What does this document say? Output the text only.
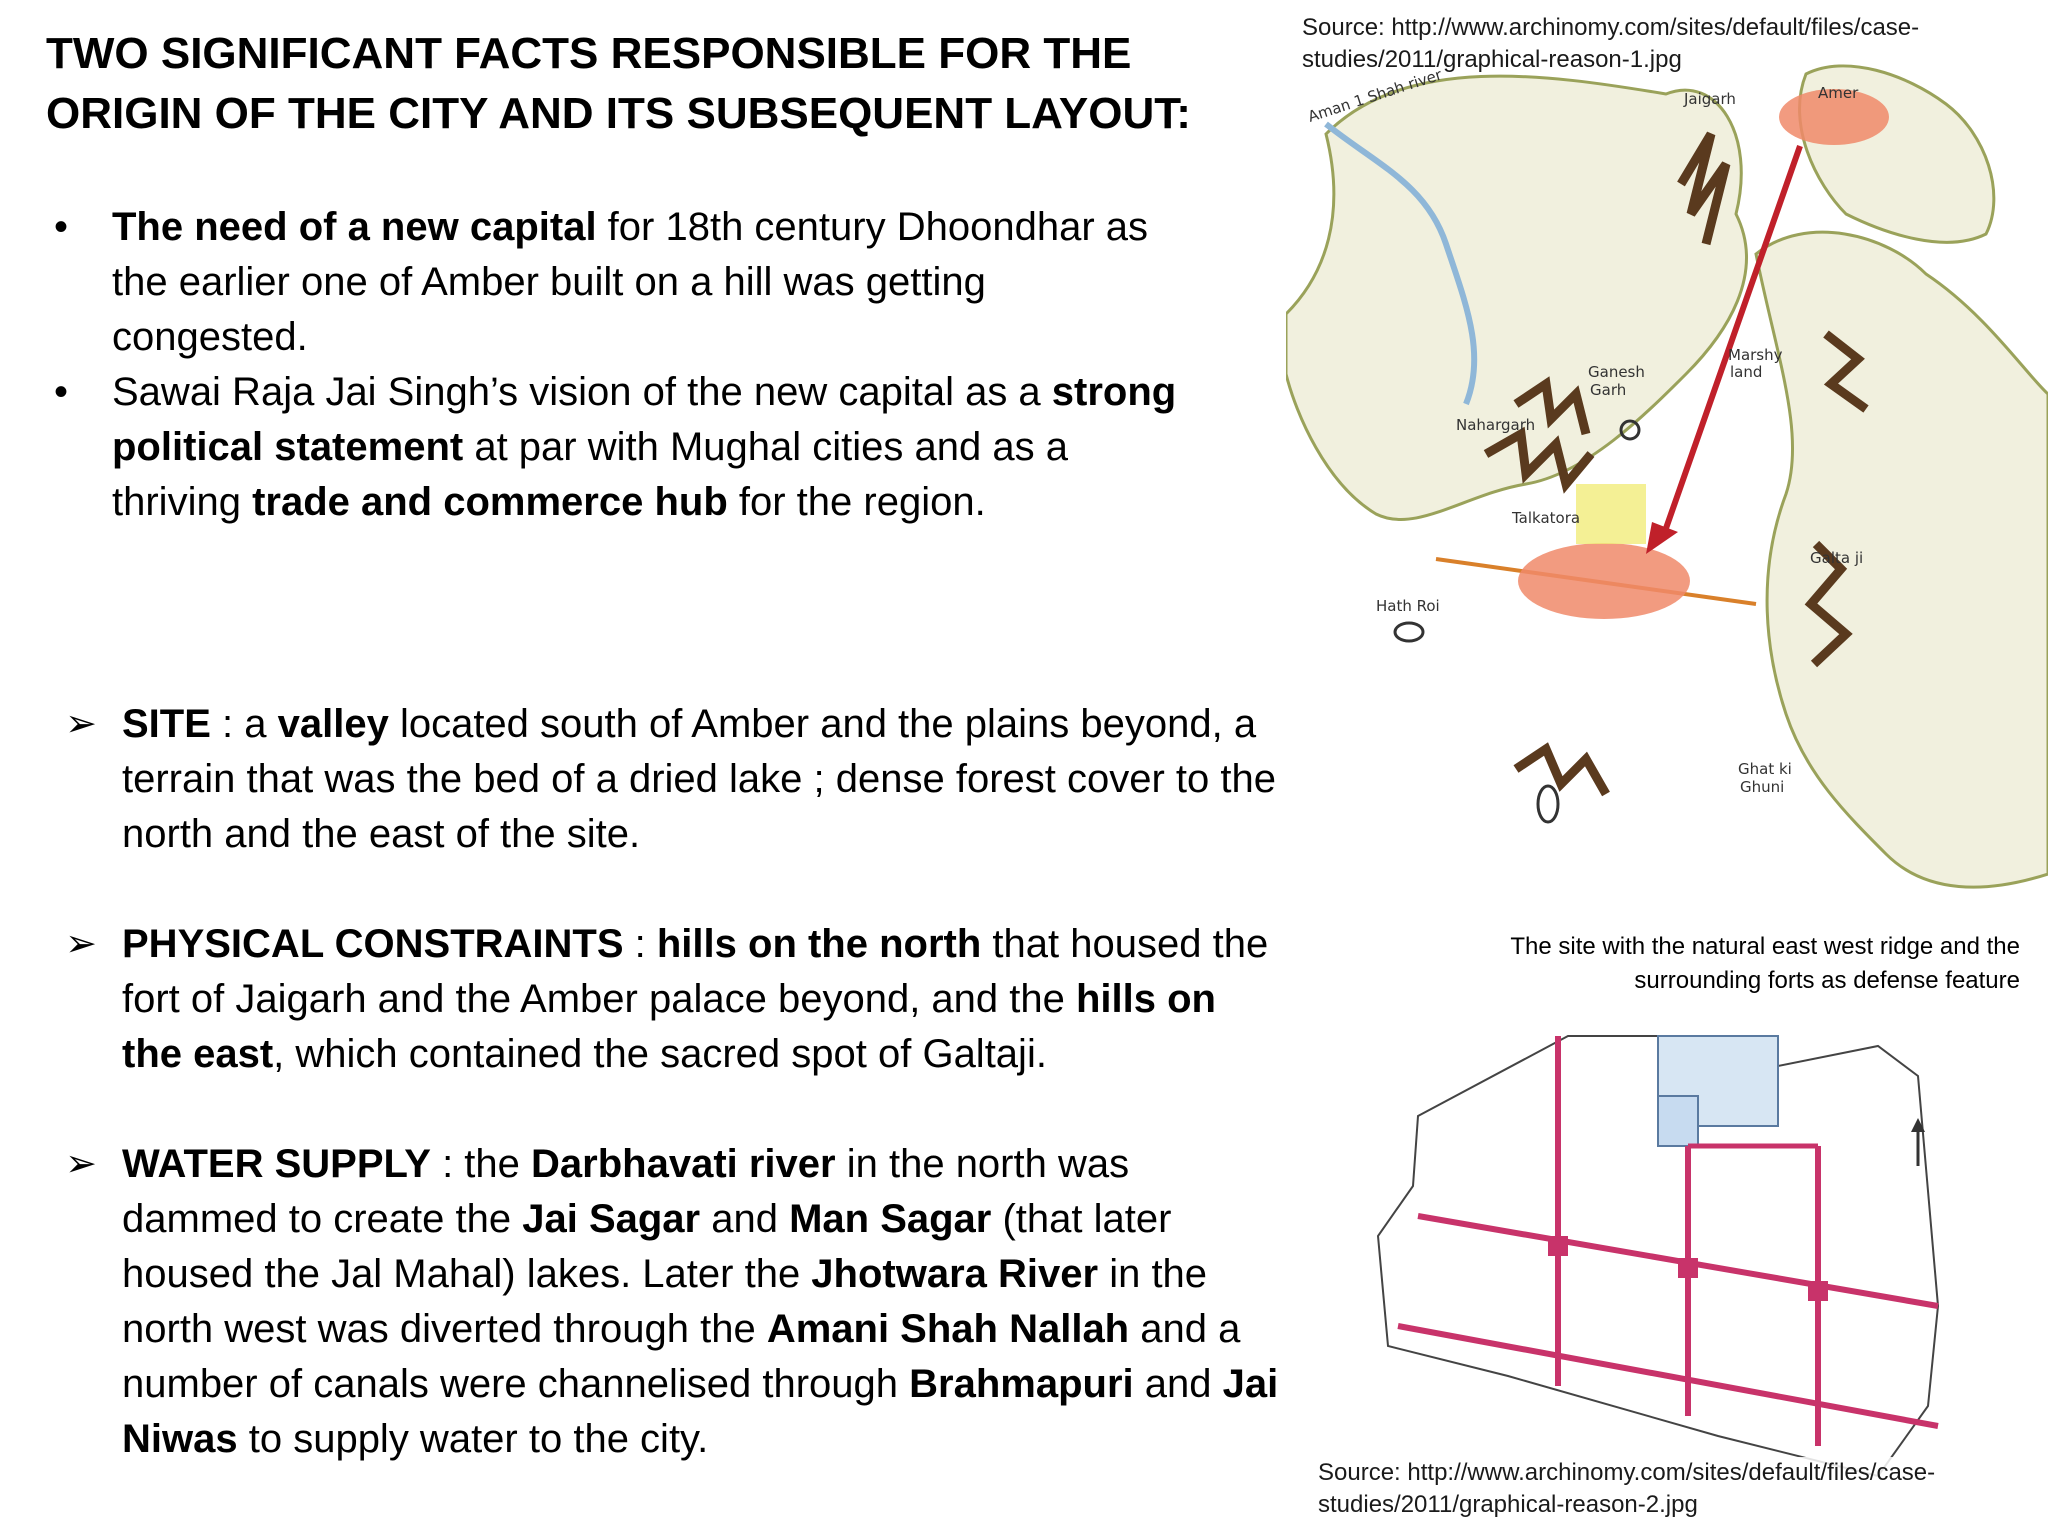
TWO SIGNIFICANT FACTS RESPONSIBLE FOR THE
ORIGIN OF THE CITY AND ITS SUBSEQUENT LAYOUT:
• The need of a new capital for 18th century Dhoondhar as the earlier one of Amber built on a hill was getting congested.
• Sawai Raja Jai Singh’s vision of the new capital as a strong political statement at par with Mughal cities and as a thriving trade and commerce hub for the region.
➢ SITE : a valley located south of Amber and the plains beyond, a terrain that was the bed of a dried lake ; dense forest cover to the north and the east of the site.
➢ PHYSICAL CONSTRAINTS : hills on the north that housed the fort of Jaigarh and the Amber palace beyond, and the hills on the east, which contained the sacred spot of Galtaji.
➢ WATER SUPPLY : the Darbhavati river in the north was dammed to create the Jai Sagar and Man Sagar (that later housed the Jal Mahal) lakes. Later the Jhotwara River in the north west was diverted through the Amani Shah Nallah and a number of canals were channelised through Brahmapuri and Jai Niwas to supply water to the city.
Amer
Jaigarh
Aman 1 Shah river
Ganesh
Garh
Marshy
land
Nahargarh
Talkatora
Galta ji
Hath Roi
Ghat ki
Ghuni
Source: http://www.archinomy.com/sites/default/files/case-
studies/2011/graphical-reason-1.jpg
The site with the natural east west ridge and the
surrounding forts as defense feature
Source: http://www.archinomy.com/sites/default/files/case-
studies/2011/graphical-reason-2.jpg
